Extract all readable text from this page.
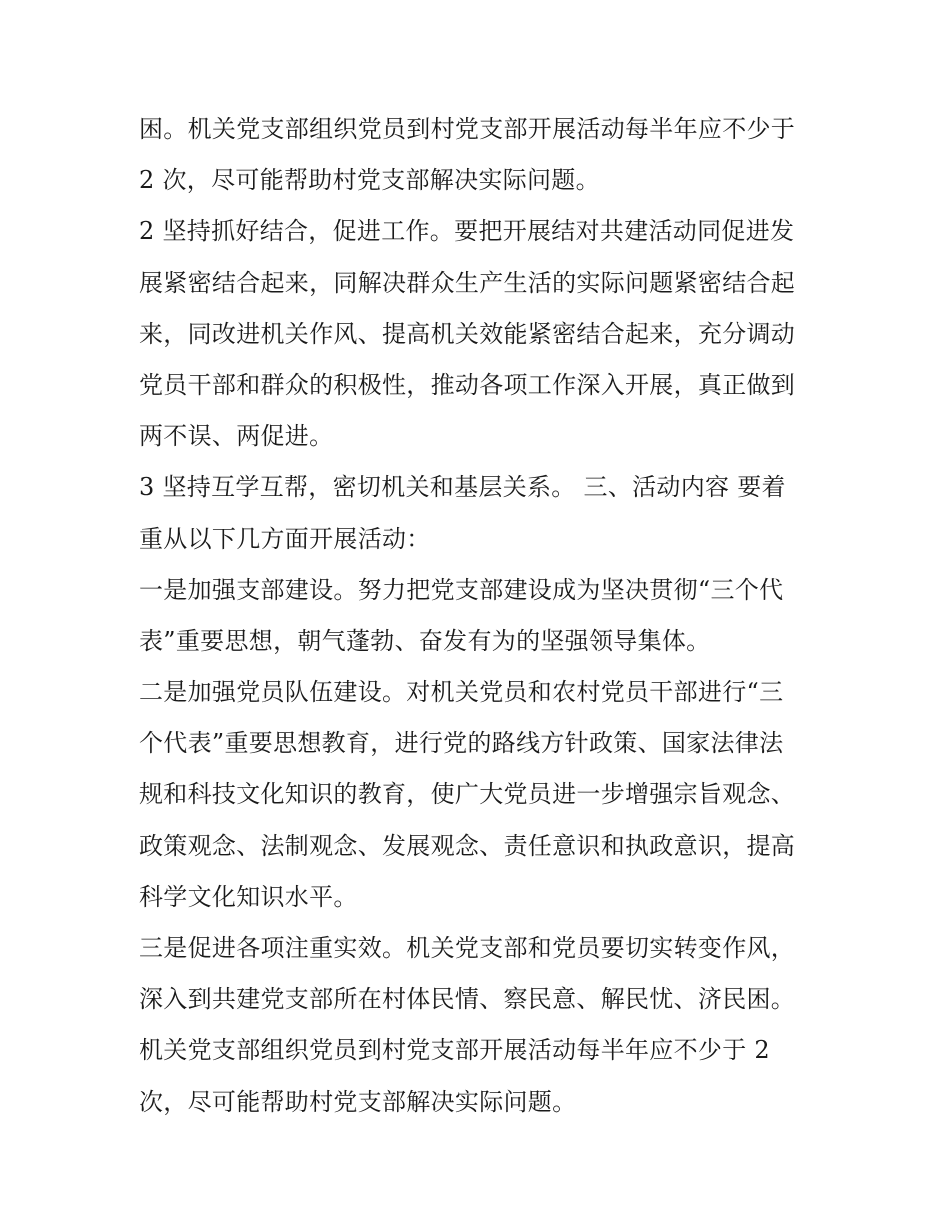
困。机关党支部组织党员到村党支部开展活动每半年应不少于
2 次，尽可能帮助村党支部解决实际问题。
2 坚持抓好结合，促进工作。要把开展结对共建活动同促进发
展紧密结合起来，同解决群众生产生活的实际问题紧密结合起
来，同改进机关作风、提高机关效能紧密结合起来，充分调动
党员干部和群众的积极性，推动各项工作深入开展，真正做到
两不误、两促进。
3 坚持互学互帮，密切机关和基层关系。 三、活动内容 要着
重从以下几方面开展活动：
一是加强支部建设。努力把党支部建设成为坚决贯彻“三个代
表”重要思想，朝气蓬勃、奋发有为的坚强领导集体。
二是加强党员队伍建设。对机关党员和农村党员干部进行“三
个代表”重要思想教育，进行党的路线方针政策、国家法律法
规和科技文化知识的教育，使广大党员进一步增强宗旨观念、
政策观念、法制观念、发展观念、责任意识和执政意识，提高
科学文化知识水平。
三是促进各项注重实效。机关党支部和党员要切实转变作风，
深入到共建党支部所在村体民情、察民意、解民忧、济民困。
机关党支部组织党员到村党支部开展活动每半年应不少于 2
次，尽可能帮助村党支部解决实际问题。
